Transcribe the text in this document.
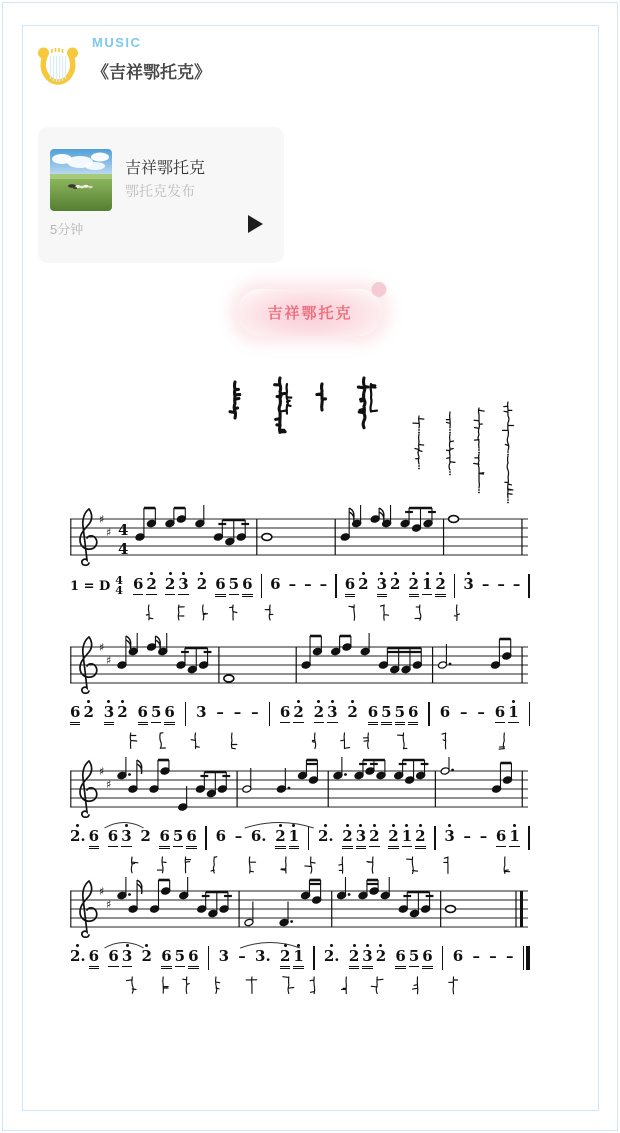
MUSIC
《吉祥鄂托克》
吉祥鄂托克
鄂托克发布
5分钟
吉祥鄂托克
♯
♯ 4
4
1 = D 4
4 6 2 2 3 2 6 5 6 6 – – – 6 2 3 2 2 1 2 3 – – –
♯
♯
6 2 3 2 6 5 6 3 – – – 6 2 2 3 2 6 5 5 6 6 – – 6 1
♯
♯
2. 6 6 3 2 6 5 6 6 – 6. 2 1 2. 2 3 2 2 1 2 3 – – 6 1
♯
♯
2. 6 6 3 2 6 5 6 3 – 3. 2 1 2. 2 3 2 6 5 6 6 – – –
